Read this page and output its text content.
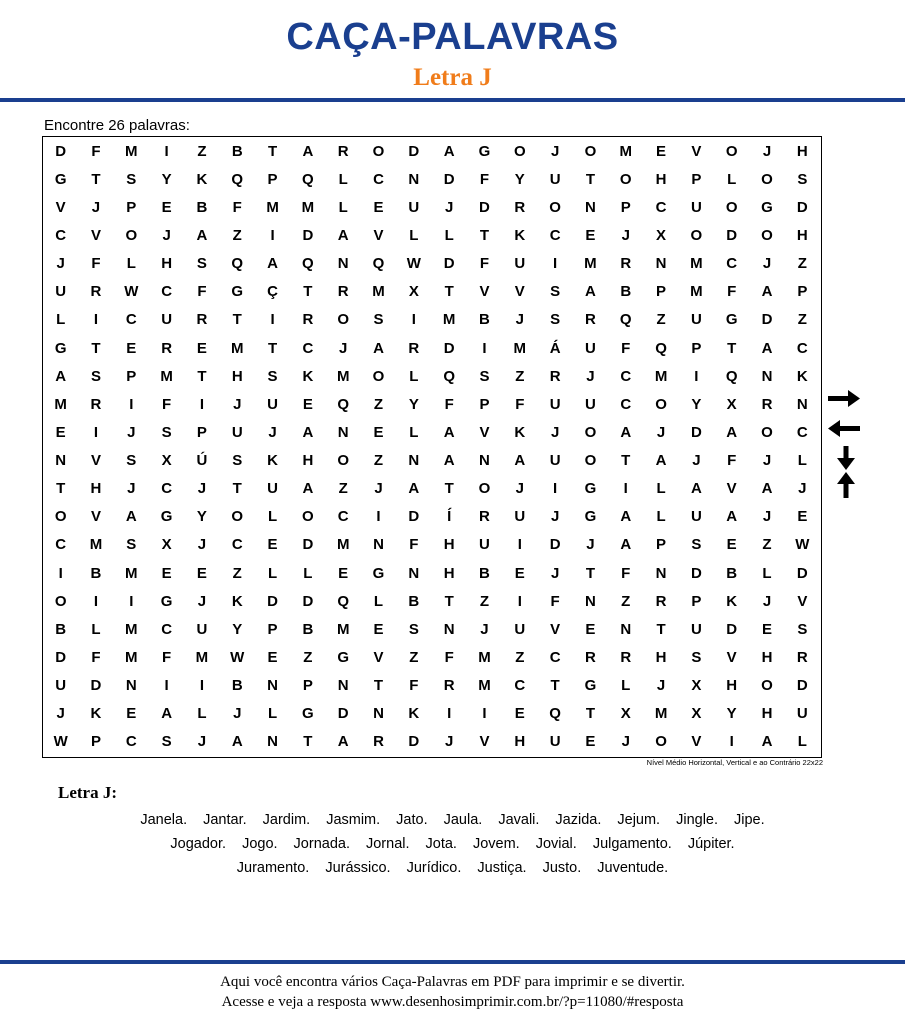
CAÇA-PALAVRAS
Letra J
Encontre 26 palavras:
D	F	M	I	Z	B	T	A	R	O	D	A	G	O	J	O	M	E	V	O	J	H
G	T	S	Y	K	Q	P	Q	L	C	N	D	F	Y	U	T	O	H	P	L	O	S
V	J	P	E	B	F	M	M	L	E	U	J	D	R	O	N	P	C	U	O	G	D
C	V	O	J	A	Z	I	D	A	V	L	L	T	K	C	E	J	X	O	D	O	H
J	F	L	H	S	Q	A	Q	N	Q	W	D	F	U	I	M	R	N	M	C	J	Z
U	R	W	C	F	G	Ç	T	R	M	X	T	V	V	S	A	B	P	M	F	A	P
L	I	C	U	R	T	I	R	O	S	I	M	B	J	S	R	Q	Z	U	G	D	Z
G	T	E	R	E	M	T	C	J	A	R	D	I	M	Á	U	F	Q	P	T	A	C
A	S	P	M	T	H	S	K	M	O	L	Q	S	Z	R	J	C	M	I	Q	N	K
M	R	I	F	I	J	U	E	Q	Z	Y	F	P	F	U	U	C	O	Y	X	R	N
E	I	J	S	P	U	J	A	N	E	L	A	V	K	J	O	A	J	D	A	O	C
N	V	S	X	Ú	S	K	H	O	Z	N	A	N	A	U	O	T	A	J	F	J	L
T	H	J	C	J	T	U	A	Z	J	A	T	O	J	I	G	I	L	A	V	A	J
O	V	A	G	Y	O	L	O	C	I	D	Í	R	U	J	G	A	L	U	A	J	E
C	M	S	X	J	C	E	D	M	N	F	H	U	I	D	J	A	P	S	E	Z	W
I	B	M	E	E	Z	L	L	E	G	N	H	B	E	J	T	F	N	D	B	L	D
O	I	I	G	J	K	D	D	Q	L	B	T	Z	I	F	N	Z	R	P	K	J	V
B	L	M	C	U	Y	P	B	M	E	S	N	J	U	V	E	N	T	U	D	E	S
D	F	M	F	M	W	E	Z	G	V	Z	F	M	Z	C	R	R	H	S	V	H	R
U	D	N	I	I	B	N	P	N	T	F	R	M	C	T	G	L	J	X	H	O	D
J	K	E	A	L	J	L	G	D	N	K	I	I	E	Q	T	X	M	X	Y	H	U
W	P	C	S	J	A	N	T	A	R	D	J	V	H	U	E	J	O	V	I	A	L
Nível Médio Horizontal, Vertical e ao Contrário 22x22
Letra J:
Janela. Jantar. Jardim. Jasmim. Jato. Jaula. Javali. Jazida. Jejum. Jingle. Jipe.
Jogador. Jogo. Jornada. Jornal. Jota. Jovem. Jovial. Julgamento. Júpiter.
Juramento. Jurássico. Jurídico. Justiça. Justo. Juventude.
Aqui você encontra vários Caça-Palavras em PDF para imprimir e se divertir.
Acesse e veja a resposta www.desenhosimprimir.com.br/?p=11080/#resposta
